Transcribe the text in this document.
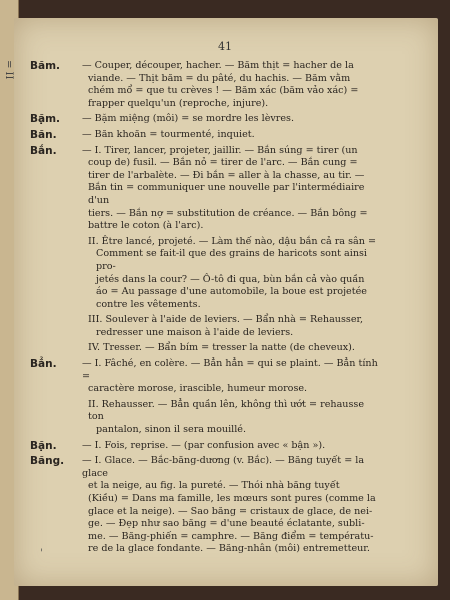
= II
41
Băm. — Couper, découper, hacher. — Băm thịt = hacher de la
viande. — Thịt băm = du pâté, du hachis. — Băm vằm
chém mổ = que tu crèves ! — Băm xác (băm vảo xác) =
frapper quelqu'un (reproche, injure).
Bặm. — Bặm miệng (môi) = se mordre les lèvres.
Băn.	— Băn khoăn = tourmenté, inquiet.
Bắn.	— I. Tirer, lancer, projeter, jaillir. — Bắn súng = tirer (un
coup de) fusil. — Bắn nỏ = tirer de l'arc. — Bắn cung =
tirer de l'arbalète. — Đi bắn = aller à la chasse, au tir. —
Bắn tin = communiquer une nouvelle par l'intermédiaire d'un
tiers. — Bắn nợ = substitution de créance. — Bắn bông =
battre le coton (à l'arc).
II. Être lancé, projeté. — Làm thế nào, dậu bắn cả ra sân =
Comment se fait-il que des grains de haricots sont ainsi pro-
jetés dans la cour? — Ô-tô đi qua, bùn bắn cả vào quần
áo = Au passage d'une automobile, la boue est projetée
contre les vêtements.
III. Soulever à l'aide de leviers. — Bẩn nhà = Rehausser,
redresser une maison à l'aide de leviers.
IV. Tresser. — Bẩn bím = tresser la natte (de cheveux).
Bẳn.	— I. Fâché, en colère. — Bẳn hẳn = qui se plaint. — Bẳn tính =
caractère morose, irascible, humeur morose.
II. Rehausser. — Bẳn quần lên, không thì ướt = rehausse ton
pantalon, sinon il sera mouillé.
Bặn.	— I. Fois, reprise. — (par confusion avec « bận »).
Băng. — I. Glace. — Bắc-băng-dương (v. Bắc). — Băng tuyết = la glace
et la neige, au fig. la pureté. — Thói nhà băng tuyết
(Kiều) = Dans ma famille, les mœurs sont pures (comme la
glace et la neige). — Sao băng = cristaux de glace, de nei-
ge. — Đẹp như sao băng = d'une beauté éclatante, subli-
me. — Băng-phiến = camphre. — Băng điểm = températu-
re de la glace fondante. — Băng-nhân (môi) entremetteur.
'
